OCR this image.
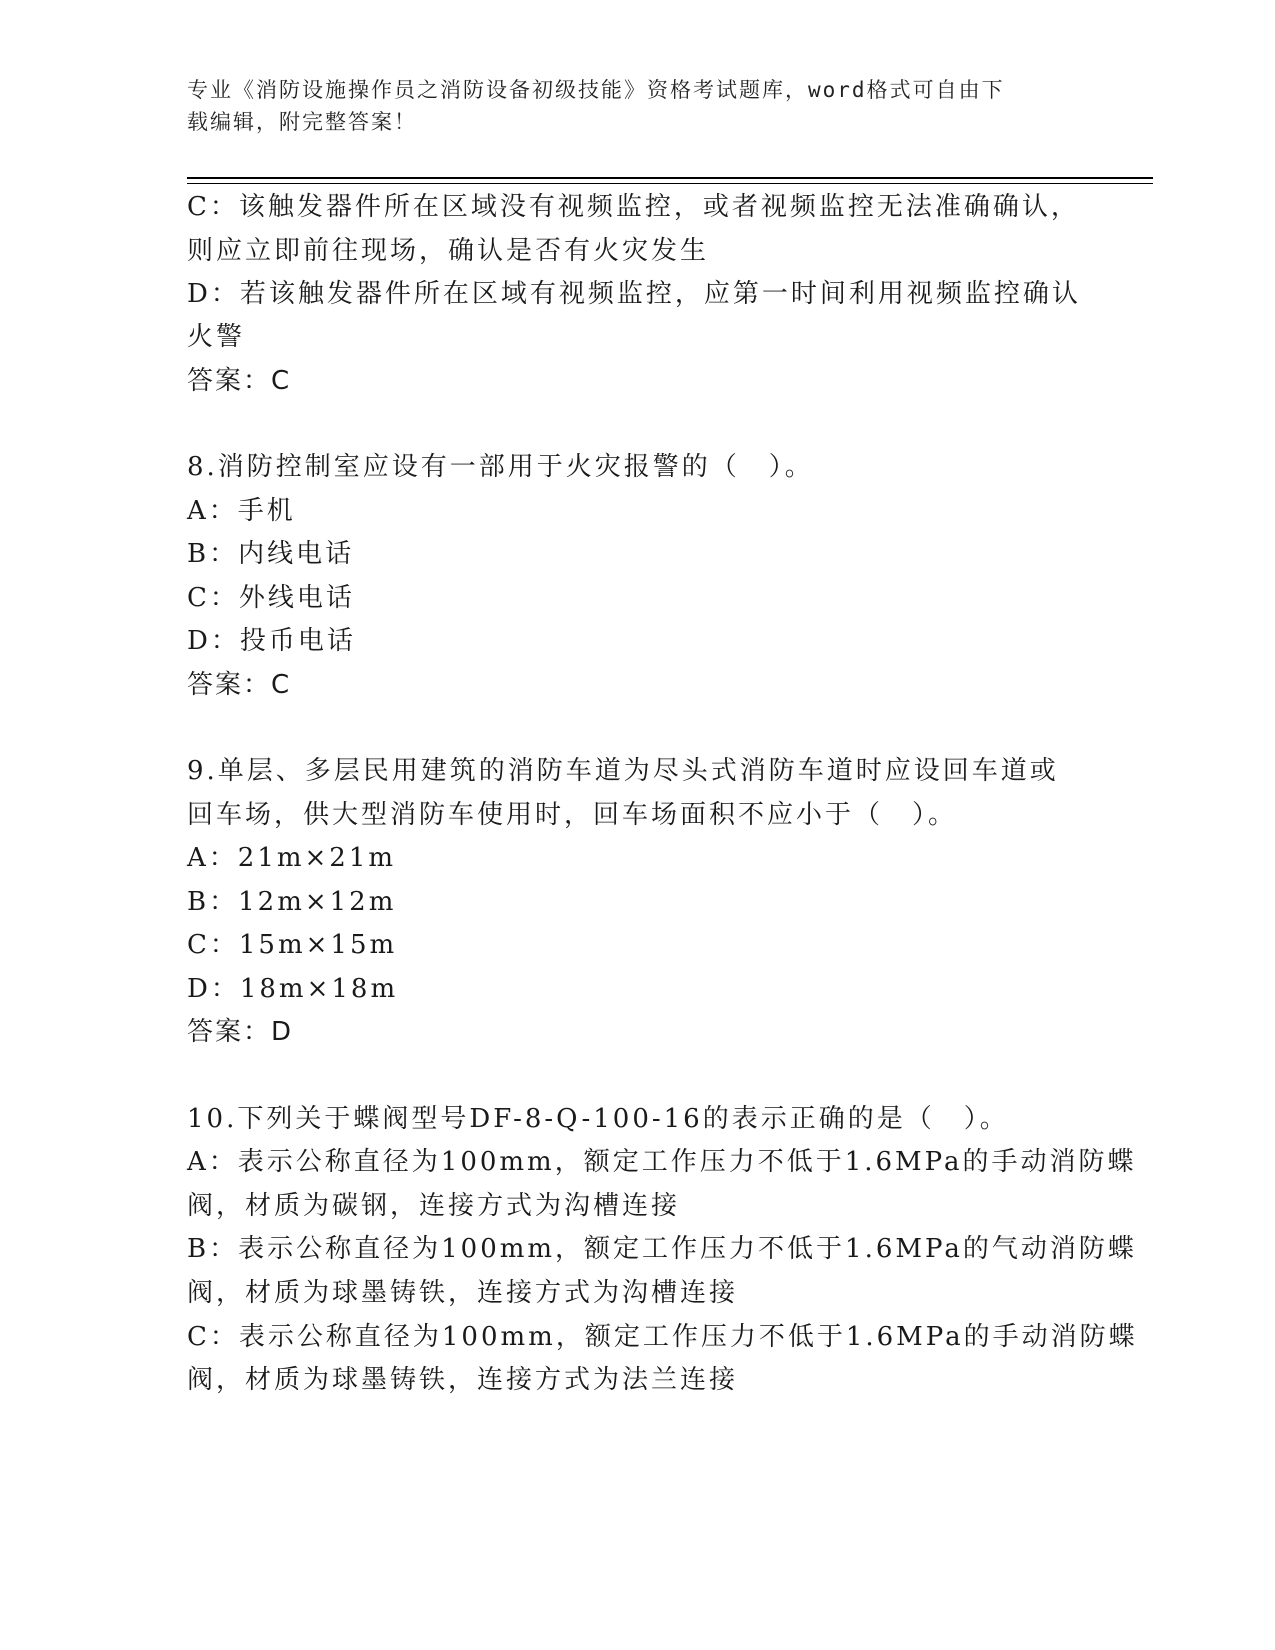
专业《消防设施操作员之消防设备初级技能》资格考试题库，word格式可自由下
载编辑，附完整答案！
C：该触发器件所在区域没有视频监控，或者视频监控无法准确确认，
则应立即前往现场，确认是否有火灾发生
D：若该触发器件所在区域有视频监控，应第一时间利用视频监控确认
火警
答案：C
8.消防控制室应设有一部用于火灾报警的（　）。
A：手机
B：内线电话
C：外线电话
D：投币电话
答案：C
9.单层、多层民用建筑的消防车道为尽头式消防车道时应设回车道或
回车场，供大型消防车使用时，回车场面积不应小于（　）。
A：21m×21m
B：12m×12m
C：15m×15m
D：18m×18m
答案：D
10.下列关于蝶阀型号DF-8-Q-100-16的表示正确的是（　）。
A：表示公称直径为100mm，额定工作压力不低于1.6MPa的手动消防蝶
阀，材质为碳钢，连接方式为沟槽连接
B：表示公称直径为100mm，额定工作压力不低于1.6MPa的气动消防蝶
阀，材质为球墨铸铁，连接方式为沟槽连接
C：表示公称直径为100mm，额定工作压力不低于1.6MPa的手动消防蝶
阀，材质为球墨铸铁，连接方式为法兰连接
